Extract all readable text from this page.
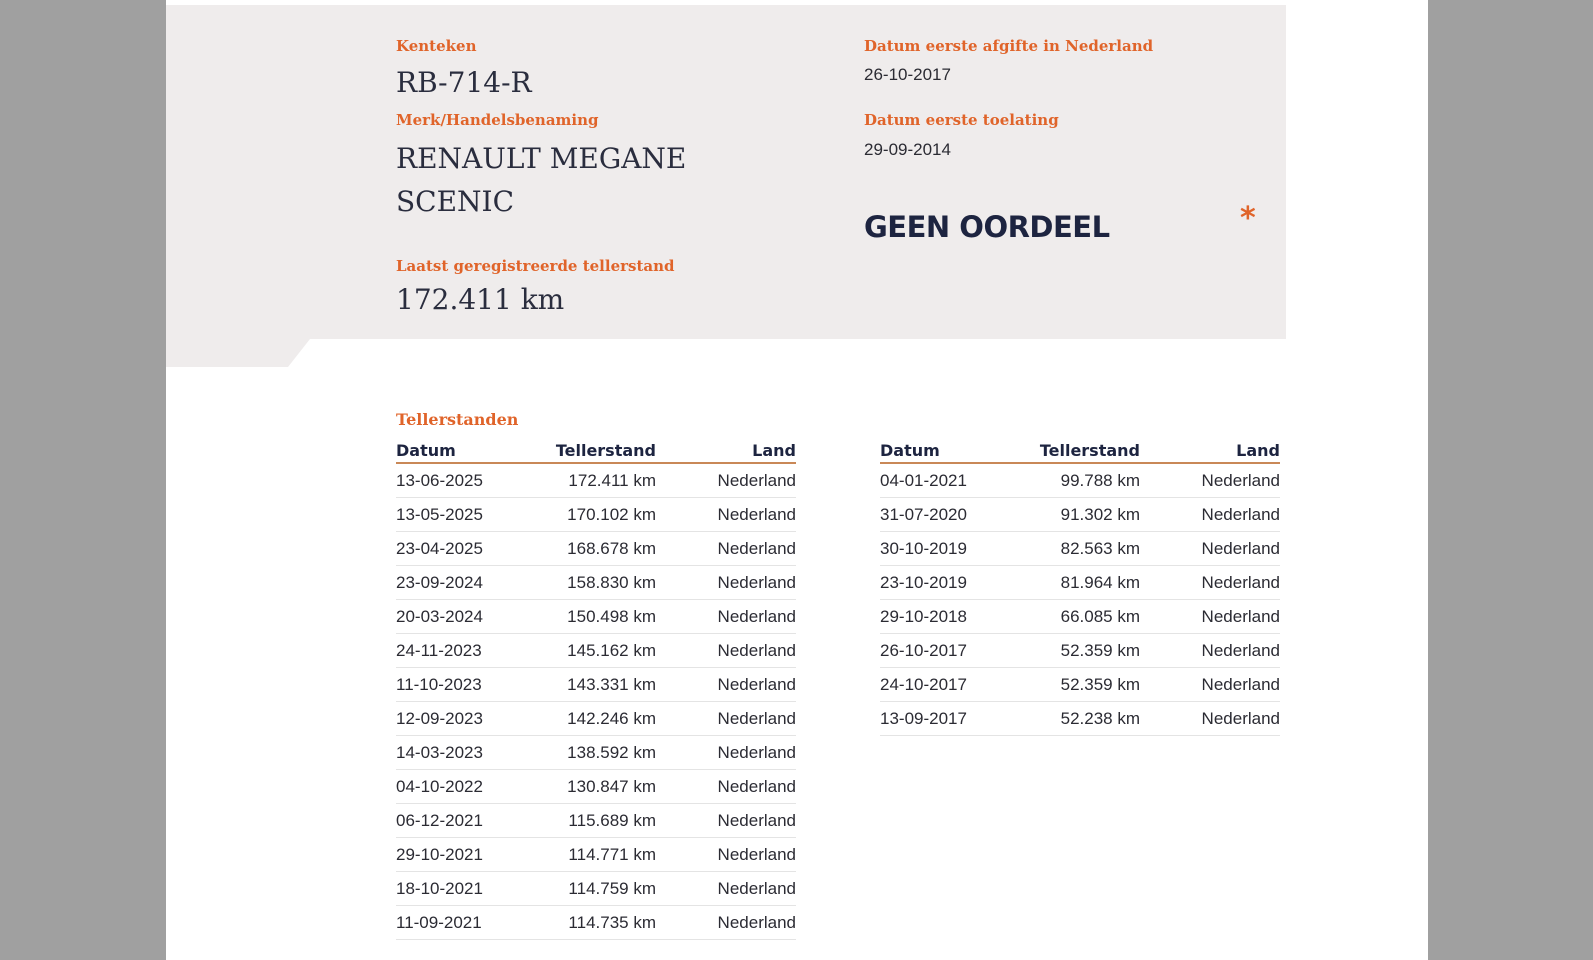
Kenteken
RB-714-R
Merk/Handelsbenaming
RENAULT MEGANE
SCENIC
Laatst geregistreerde tellerstand
172.411 km
Datum eerste afgifte in Nederland
26-10-2017
Datum eerste toelating
29-09-2014
GEEN OORDEEL	*
Tellerstanden
Datum	Tellerstand	Land
13-06-2025	172.411 km	Nederland
13-05-2025	170.102 km	Nederland
23-04-2025	168.678 km	Nederland
23-09-2024	158.830 km	Nederland
20-03-2024	150.498 km	Nederland
24-11-2023	145.162 km	Nederland
11-10-2023	143.331 km	Nederland
12-09-2023	142.246 km	Nederland
14-03-2023	138.592 km	Nederland
04-10-2022	130.847 km	Nederland
06-12-2021	115.689 km	Nederland
29-10-2021	114.771 km	Nederland
18-10-2021	114.759 km	Nederland
11-09-2021	114.735 km	Nederland
Datum	Tellerstand	Land
04-01-2021	99.788 km	Nederland
31-07-2020	91.302 km	Nederland
30-10-2019	82.563 km	Nederland
23-10-2019	81.964 km	Nederland
29-10-2018	66.085 km	Nederland
26-10-2017	52.359 km	Nederland
24-10-2017	52.359 km	Nederland
13-09-2017	52.238 km	Nederland
